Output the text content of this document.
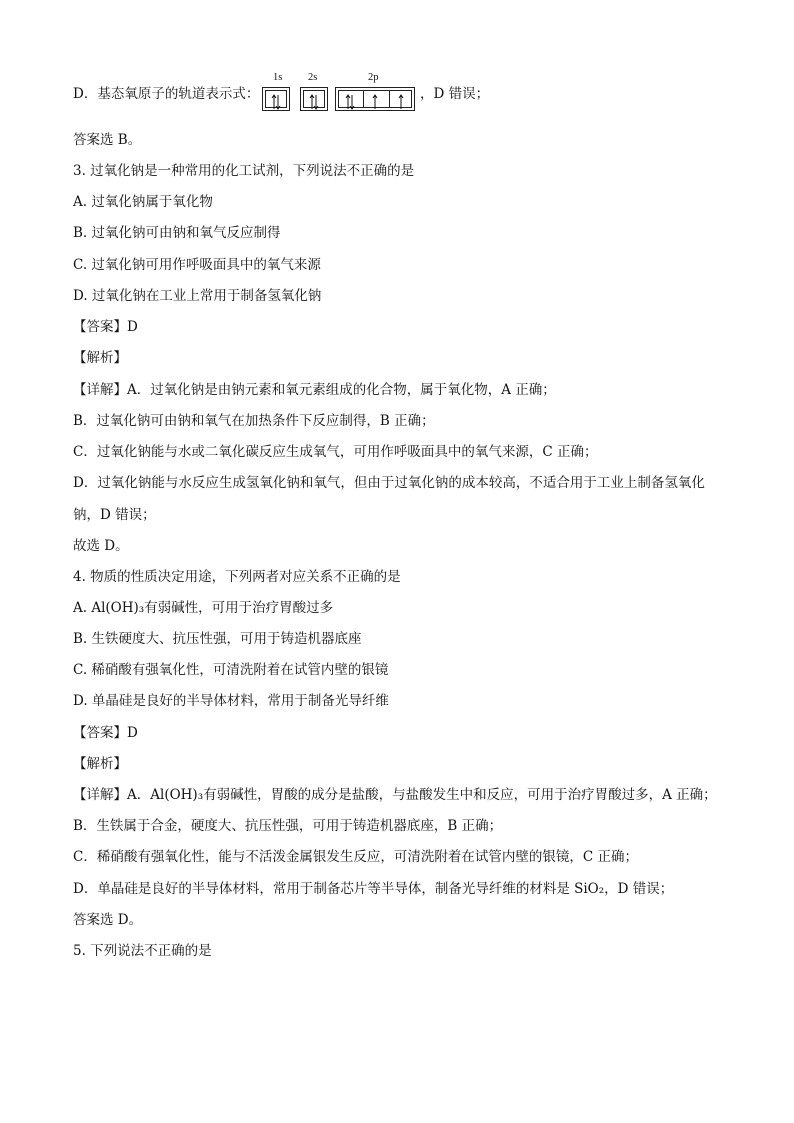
D．基态氧原子的轨道表示式：
1s 2s	2p
，D 错误；
答案选 B。
3. 过氧化钠是一种常用的化工试剂，下列说法不正确的是
A. 过氧化钠属于氧化物
B. 过氧化钠可由钠和氧气反应制得
C. 过氧化钠可用作呼吸面具中的氧气来源
D. 过氧化钠在工业上常用于制备氢氧化钠
【答案】D
【解析】
【详解】A．过氧化钠是由钠元素和氧元素组成的化合物，属于氧化物，A 正确；
B．过氧化钠可由钠和氧气在加热条件下反应制得，B 正确；
C．过氧化钠能与水或二氧化碳反应生成氧气，可用作呼吸面具中的氧气来源，C 正确；
D．过氧化钠能与水反应生成氢氧化钠和氧气，但由于过氧化钠的成本较高，不适合用于工业上制备氢氧化
钠，D 错误；
故选 D。
4. 物质的性质决定用途，下列两者对应关系不正确的是
A. Al(OH)₃有弱碱性，可用于治疗胃酸过多
B. 生铁硬度大、抗压性强，可用于铸造机器底座
C. 稀硝酸有强氧化性，可清洗附着在试管内壁的银镜
D. 单晶硅是良好的半导体材料，常用于制备光导纤维
【答案】D
【解析】
【详解】A．Al(OH)₃有弱碱性，胃酸的成分是盐酸，与盐酸发生中和反应，可用于治疗胃酸过多，A 正确；
B．生铁属于合金，硬度大、抗压性强，可用于铸造机器底座，B 正确；
C．稀硝酸有强氧化性，能与不活泼金属银发生反应，可清洗附着在试管内壁的银镜，C 正确；
D．单晶硅是良好的半导体材料，常用于制备芯片等半导体，制备光导纤维的材料是 SiO₂，D 错误；
答案选 D。
5. 下列说法不正确的是
